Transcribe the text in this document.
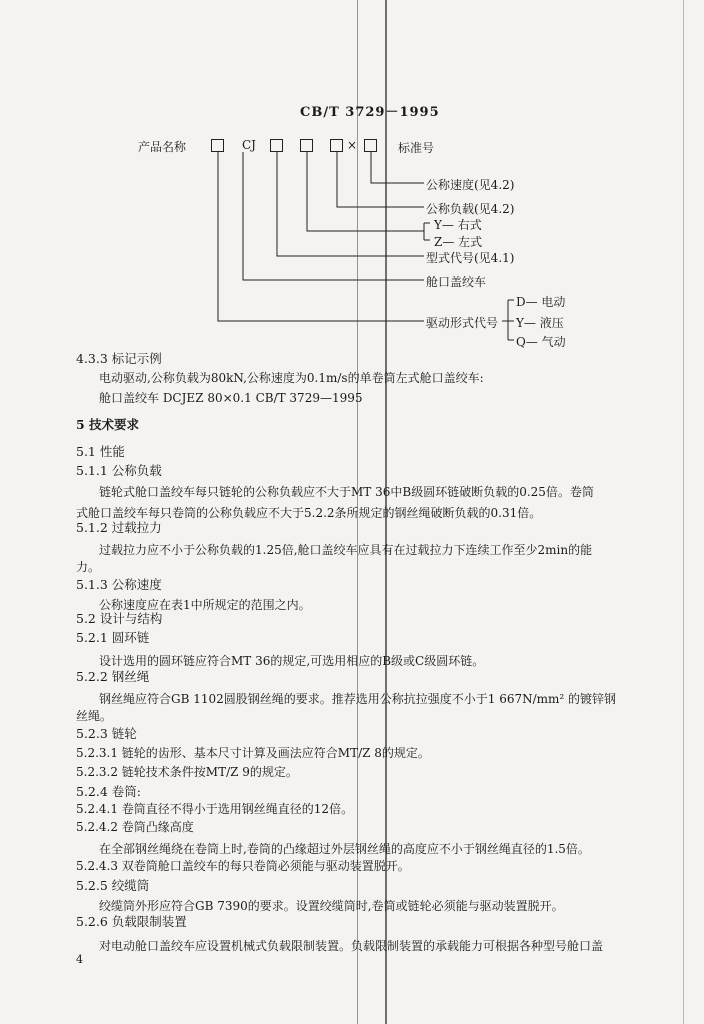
CB/T 3729－1995
产品名称	CJ	×	标准号
公称速度(见4.2)
公称负载(见4.2)
Y— 右式
Z— 左式
型式代号(见4.1)
舱口盖绞车
驱动形式代号
D— 电动
Y— 液压
Q— 气动
4.3.3 标记示例
电动驱动,公称负载为80kN,公称速度为0.1m/s的单卷筒左式舱口盖绞车:
舱口盖绞车 DCJEZ 80×0.1 CB/T 3729—1995
5 技术要求
5.1 性能
5.1.1 公称负载
链轮式舱口盖绞车每只链轮的公称负载应不大于MT 36中B级圆环链破断负载的0.25倍。卷筒
式舱口盖绞车每只卷筒的公称负载应不大于5.2.2条所规定的钢丝绳破断负载的0.31倍。
5.1.2 过载拉力
过载拉力应不小于公称负载的1.25倍,舱口盖绞车应具有在过载拉力下连续工作至少2min的能
力。
5.1.3 公称速度
公称速度应在表1中所规定的范围之内。
5.2 设计与结构
5.2.1 圆环链
设计选用的圆环链应符合MT 36的规定,可选用相应的B级或C级圆环链。
5.2.2 钢丝绳
钢丝绳应符合GB 1102圆股钢丝绳的要求。推荐选用公称抗拉强度不小于1 667N/mm² 的镀锌钢
丝绳。
5.2.3 链轮
5.2.3.1 链轮的齿形、基本尺寸计算及画法应符合MT/Z 8的规定。
5.2.3.2 链轮技术条件按MT/Z 9的规定。
5.2.4 卷筒:
5.2.4.1 卷筒直径不得小于选用钢丝绳直径的12倍。
5.2.4.2 卷筒凸缘高度
在全部钢丝绳绕在卷筒上时,卷筒的凸缘超过外层钢丝绳的高度应不小于钢丝绳直径的1.5倍。
5.2.4.3 双卷筒舱口盖绞车的每只卷筒必须能与驱动装置脱开。
5.2.5 绞缆筒
绞缆筒外形应符合GB 7390的要求。设置绞缆筒时,卷筒或链轮必须能与驱动装置脱开。
5.2.6 负载限制装置
对电动舱口盖绞车应设置机械式负载限制装置。负载限制装置的承载能力可根据各种型号舱口盖
4
